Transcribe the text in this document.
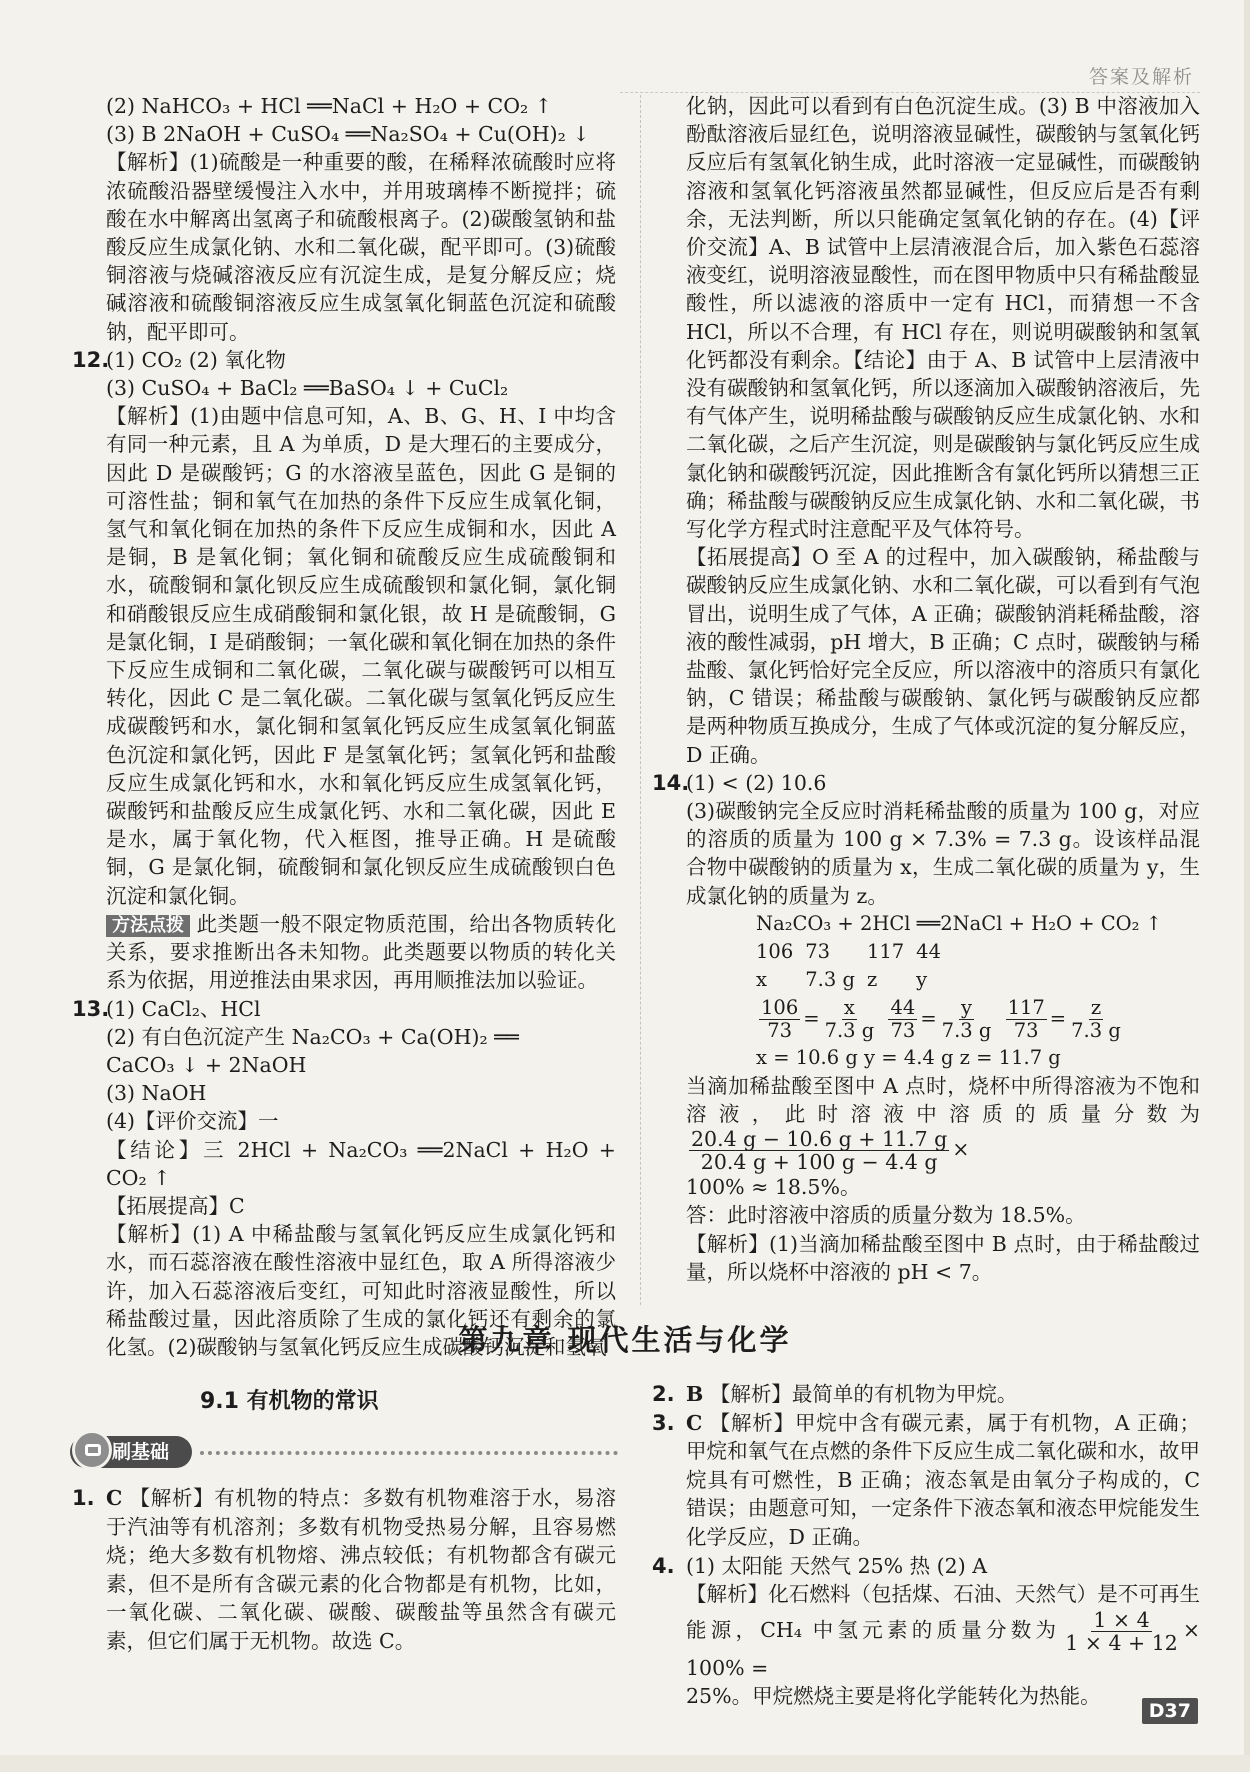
答案及解析

(2) NaHCO₃ + HCl ══NaCl + H₂O + CO₂ ↑

(3) B 2NaOH + CuSO₄ ══Na₂SO₄ + Cu(OH)₂ ↓

【解析】(1)硫酸是一种重要的酸，在稀释浓硫酸时应将浓硫酸沿器壁缓慢注入水中，并用玻璃棒不断搅拌；硫酸在水中解离出氢离子和硫酸根离子。(2)碳酸氢钠和盐酸反应生成氯化钠、水和二氧化碳，配平即可。(3)硫酸铜溶液与烧碱溶液反应有沉淀生成，是复分解反应；烧碱溶液和硫酸铜溶液反应生成氢氧化铜蓝色沉淀和硫酸钠，配平即可。

12.(1) CO₂ (2) 氧化物

(3) CuSO₄ + BaCl₂ ══BaSO₄ ↓ + CuCl₂

【解析】(1)由题中信息可知，A、B、G、H、I 中均含有同一种元素，且 A 为单质，D 是大理石的主要成分，因此 D 是碳酸钙；G 的水溶液呈蓝色，因此 G 是铜的可溶性盐；铜和氧气在加热的条件下反应生成氧化铜，氢气和氧化铜在加热的条件下反应生成铜和水，因此 A 是铜，B 是氧化铜；氧化铜和硫酸反应生成硫酸铜和水，硫酸铜和氯化钡反应生成硫酸钡和氯化铜，氯化铜和硝酸银反应生成硝酸铜和氯化银，故 H 是硫酸铜，G 是氯化铜，I 是硝酸铜；一氧化碳和氧化铜在加热的条件下反应生成铜和二氧化碳，二氧化碳与碳酸钙可以相互转化，因此 C 是二氧化碳。二氧化碳与氢氧化钙反应生成碳酸钙和水，氯化铜和氢氧化钙反应生成氢氧化铜蓝色沉淀和氯化钙，因此 F 是氢氧化钙；氢氧化钙和盐酸反应生成氯化钙和水，水和氧化钙反应生成氢氧化钙，碳酸钙和盐酸反应生成氯化钙、水和二氧化碳，因此 E 是水，属于氧化物，代入框图，推导正确。H 是硫酸铜，G 是氯化铜，硫酸铜和氯化钡反应生成硫酸钡白色沉淀和氯化铜。

方法点拨 此类题一般不限定物质范围，给出各物质转化关系，要求推断出各未知物。此类题要以物质的转化关系为依据，用逆推法由果求因，再用顺推法加以验证。

13.(1) CaCl₂、HCl

(2) 有白色沉淀产生 Na₂CO₃ + Ca(OH)₂ ══

CaCO₃ ↓ + 2NaOH

(3) NaOH

(4)【评价交流】一

【结论】三 2HCl + Na₂CO₃ ══2NaCl + H₂O + CO₂ ↑

【拓展提高】C

【解析】(1) A 中稀盐酸与氢氧化钙反应生成氯化钙和水，而石蕊溶液在酸性溶液中显红色，取 A 所得溶液少许，加入石蕊溶液后变红，可知此时溶液显酸性，所以稀盐酸过量，因此溶质除了生成的氯化钙还有剩余的氯化氢。(2)碳酸钠与氢氧化钙反应生成碳酸钙沉淀和氢氧

化钠，因此可以看到有白色沉淀生成。(3) B 中溶液加入酚酞溶液后显红色，说明溶液显碱性，碳酸钠与氢氧化钙反应后有氢氧化钠生成，此时溶液一定显碱性，而碳酸钠溶液和氢氧化钙溶液虽然都显碱性，但反应后是否有剩余，无法判断，所以只能确定氢氧化钠的存在。(4)【评价交流】A、B 试管中上层清液混合后，加入紫色石蕊溶液变红，说明溶液显酸性，而在图甲物质中只有稀盐酸显酸性，所以滤液的溶质中一定有 HCl，而猜想一不含 HCl，所以不合理，有 HCl 存在，则说明碳酸钠和氢氧化钙都没有剩余。【结论】由于 A、B 试管中上层清液中没有碳酸钠和氢氧化钙，所以逐滴加入碳酸钠溶液后，先有气体产生，说明稀盐酸与碳酸钠反应生成氯化钠、水和二氧化碳，之后产生沉淀，则是碳酸钠与氯化钙反应生成氯化钠和碳酸钙沉淀，因此推断含有氯化钙所以猜想三正确；稀盐酸与碳酸钠反应生成氯化钠、水和二氧化碳，书写化学方程式时注意配平及气体符号。

【拓展提高】O 至 A 的过程中，加入碳酸钠，稀盐酸与碳酸钠反应生成氯化钠、水和二氧化碳，可以看到有气泡冒出，说明生成了气体，A 正确；碳酸钠消耗稀盐酸，溶液的酸性减弱，pH 增大，B 正确；C 点时，碳酸钠与稀盐酸、氯化钙恰好完全反应，所以溶液中的溶质只有氯化钠，C 错误；稀盐酸与碳酸钠、氯化钙与碳酸钠反应都是两种物质互换成分，生成了气体或沉淀的复分解反应，D 正确。

14.(1) < (2) 10.6

(3)碳酸钠完全反应时消耗稀盐酸的质量为 100 g，对应的溶质的质量为 100 g × 7.3% = 7.3 g。设该样品混合物中碳酸钠的质量为 x，生成二氧化碳的质量为 y，生成氯化钠的质量为 z。

Na₂CO₃ + 2HCl ══2NaCl + H₂O + CO₂ ↑
106	73	117	44
x	7.3 g	z	y
$\frac{106}{73} = \frac{x}{7.3 g}$
$\frac{44}{73} = \frac{y}{7.3 g}$
$\frac{117}{73} = \frac{z}{7.3 g}$
x = 10.6 g y = 4.4 g z = 11.7 g

当滴加稀盐酸至图中 A 点时，烧杯中所得溶液为不饱和溶液，此时溶液中溶质的质量分数为
$\frac{20.4 g - 10.6 g + 11.7 g}{20.4 g + 100 g - 4.4 g}$ ×

100% ≈ 18.5%。

答：此时溶液中溶质的质量分数为 18.5%。

【解析】(1)当滴加稀盐酸至图中 B 点时，由于稀盐酸过量，所以烧杯中溶液的 pH < 7。

第九章 现代生活与化学
9.1 有机物的常识
刷基础

1. C 【解析】有机物的特点：多数有机物难溶于水，易溶于汽油等有机溶剂；多数有机物受热易分解，且容易燃烧；绝大多数有机物熔、沸点较低；有机物都含有碳元素，但不是所有含碳元素的化合物都是有机物，比如，一氧化碳、二氧化碳、碳酸、碳酸盐等虽然含有碳元素，但它们属于无机物。故选 C。

2. B 【解析】最简单的有机物为甲烷。

3. C 【解析】甲烷中含有碳元素，属于有机物，A 正确；甲烷和氧气在点燃的条件下反应生成二氧化碳和水，故甲烷具有可燃性，B 正确；液态氧是由氧分子构成的，C 错误；由题意可知，一定条件下液态氧和液态甲烷能发生化学反应，D 正确。

4. (1) 太阳能 天然气 25% 热 (2) A

【解析】化石燃料（包括煤、石油、天然气）是不可再生能源，CH₄ 中氢元素的质量分数为 $\frac{1 \times 4}{1 \times 4 + 12} \times 100\%$ =

25%。甲烷燃烧主要是将化学能转化为热能。

D37
